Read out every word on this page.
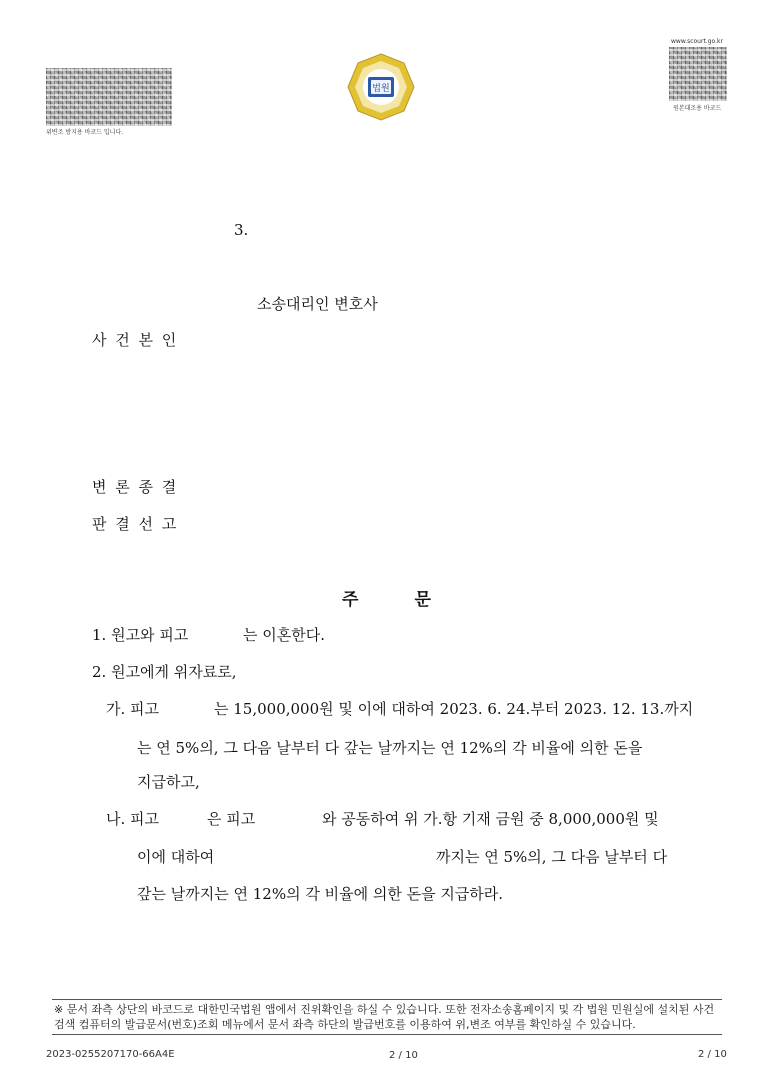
위변조 방지용 바코드 입니다.
법원
www.scourt.go.kr
원본대조용 바코드
3.
소송대리인 변호사
사 건 본 인
변 론 종 결
판 결 선 고
주	문
1. 원고와 피고	는 이혼한다.
2. 원고에게 위자료로,
가. 피고	는 15,000,000원 및 이에 대하여 2023. 6. 24.부터 2023. 12. 13.까지
는 연 5%의, 그 다음 날부터 다 갚는 날까지는 연 12%의 각 비율에 의한 돈을
지급하고,
나. 피고	은 피고	와 공동하여 위 가.항 기재 금원 중 8,000,000원 및
이에 대하여	까지는 연 5%의, 그 다음 날부터 다
갚는 날까지는 연 12%의 각 비율에 의한 돈을 지급하라.
※ 문서 좌측 상단의 바코드로 대한민국법원 앱에서 진위확인을 하실 수 있습니다. 또한 전자소송홈페이지 및 각 법원 민원실에 설치된 사건검색 컴퓨터의 발급문서(번호)조회 메뉴에서 문서 좌측 하단의 발급번호를 이용하여 위,변조 여부를 확인하실 수 있습니다.
2023-0255207170-66A4E	2 / 10	2 / 10
